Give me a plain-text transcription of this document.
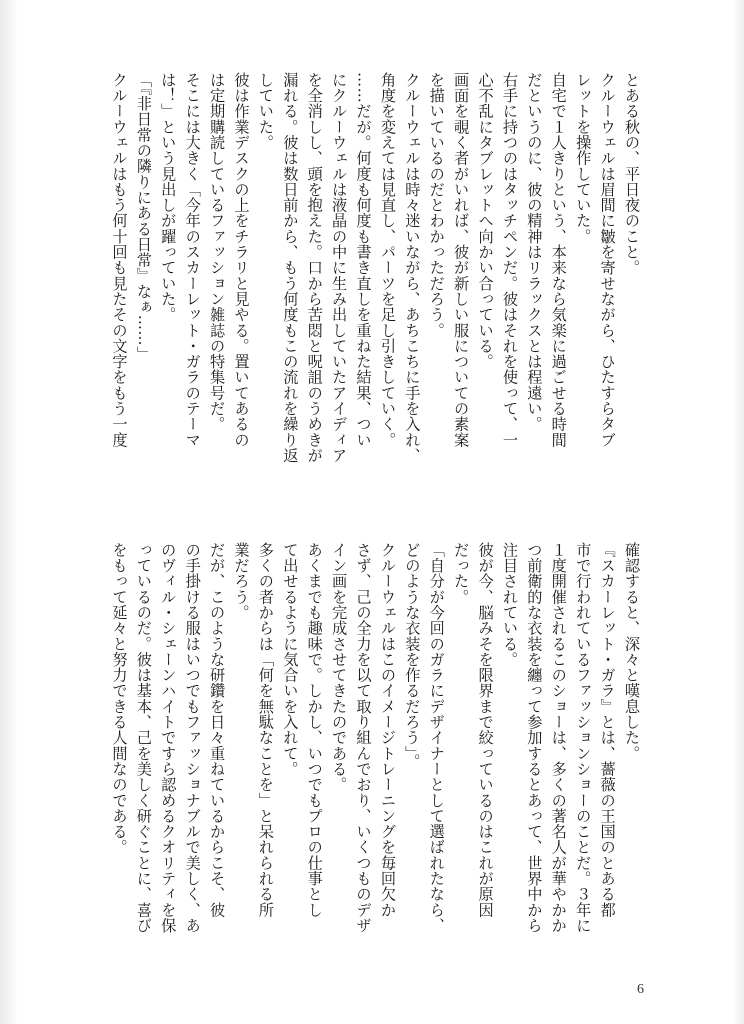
とある秋の、平日夜のこと。

クルーウェルは眉間に皺を寄せながら、ひたすらタブ

レットを操作していた。

自宅で１人きりという、本来なら気楽に過ごせる時間

だというのに、彼の精神はリラックスとは程遠い。

右手に持つのはタッチペンだ。彼はそれを使って、一

心不乱にタブレットへ向かい合っている。

画面を覗く者がいれば、彼が新しい服についての素案

を描いているのだとわかっただろう。

クルーウェルは時々迷いながら、あちこちに手を入れ、

角度を変えては見直し、パーツを足し引きしていく。

……だが。何度も何度も書き直しを重ねた結果、つい

にクルーウェルは液晶の中に生み出していたアイディア

を全消しし、頭を抱えた。口から苦悶と呪詛のうめきが

漏れる。彼は数日前から、もう何度もこの流れを繰り返

していた。

彼は作業デスクの上をチラリと見やる。置いてあるの

は定期購読しているファッション雑誌の特集号だ。

そこには大きく「今年のスカーレット・ガラのテーマ

は！」という見出しが躍っていた。

「『非日常の隣りにある日常』なぁ……」

クルーウェルはもう何十回も見たその文字をもう一度

確認すると、深々と嘆息した。

『スカーレット・ガラ』とは、薔薇の王国のとある都

市で行われているファッションショーのことだ。３年に

１度開催されるこのショーは、多くの著名人が華やかか

つ前衛的な衣装を纏って参加するとあって、世界中から

注目されている。

彼が今、脳みそを限界まで絞っているのはこれが原因

だった。

「自分が今回のガラにデザイナーとして選ばれたなら、

どのような衣装を作るだろう」。

クルーウェルはこのイメージトレーニングを毎回欠か

さず、己の全力を以て取り組んでおり、いくつものデザ

イン画を完成させてきたのである。

あくまでも趣味で。しかし、いつでもプロの仕事とし

て出せるように気合いを入れて。

多くの者からは「何を無駄なことを」と呆れられる所

業だろう。

だが、このような研鑽を日々重ねているからこそ、彼

の手掛ける服はいつでもファッショナブルで美しく、あ

のヴィル・シェーンハイトですら認めるクオリティを保

っているのだ。彼は基本、己を美しく研ぐことに、喜び

をもって延々と努力できる人間なのである。

6
